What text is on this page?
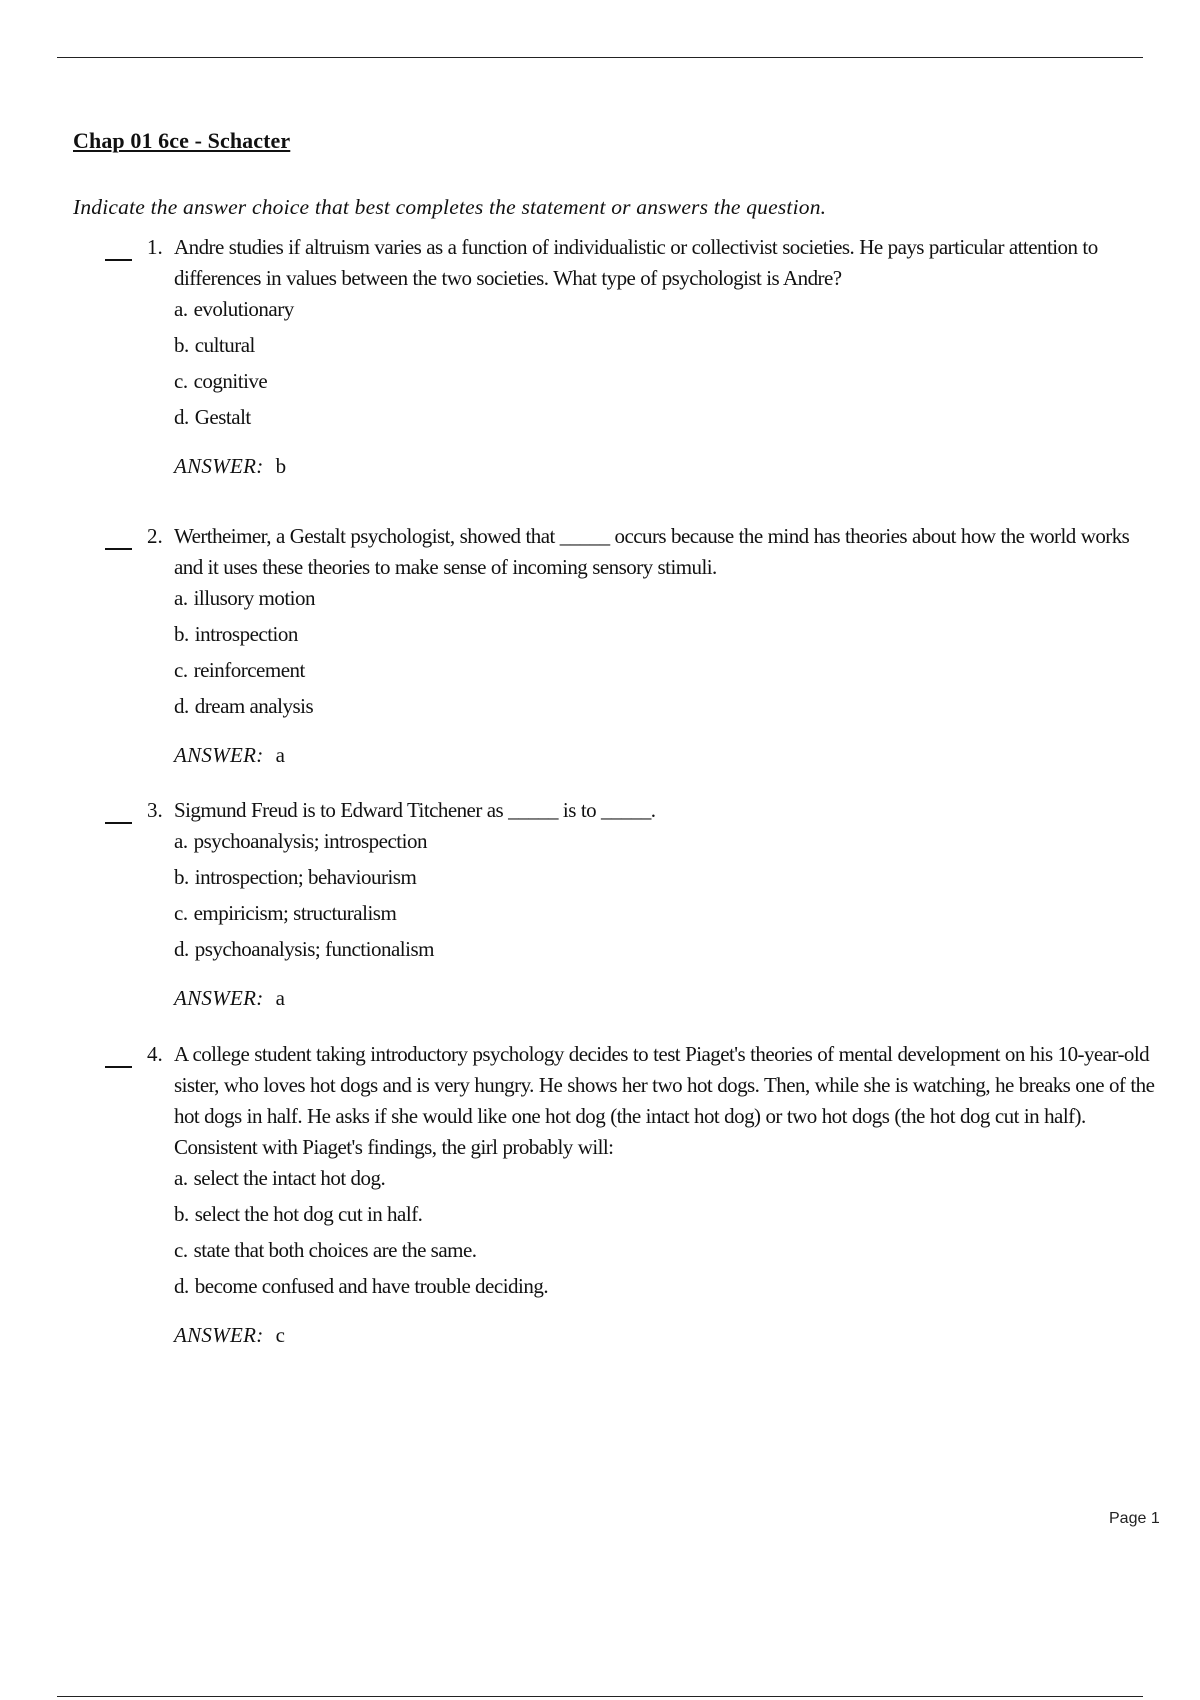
Chap 01 6ce - Schacter
Indicate the answer choice that best completes the statement or answers the question.
1. Andre studies if altruism varies as a function of individualistic or collectivist societies. He pays particular attention to differences in values between the two societies. What type of psychologist is Andre?
a. evolutionary
b. cultural
c. cognitive
d. Gestalt
ANSWER: b
2. Wertheimer, a Gestalt psychologist, showed that _____ occurs because the mind has theories about how the world works and it uses these theories to make sense of incoming sensory stimuli.
a. illusory motion
b. introspection
c. reinforcement
d. dream analysis
ANSWER: a
3. Sigmund Freud is to Edward Titchener as _____ is to _____.
a. psychoanalysis; introspection
b. introspection; behaviourism
c. empiricism; structuralism
d. psychoanalysis; functionalism
ANSWER: a
4. A college student taking introductory psychology decides to test Piaget's theories of mental development on his 10-year-old sister, who loves hot dogs and is very hungry. He shows her two hot dogs. Then, while she is watching, he breaks one of the hot dogs in half. He asks if she would like one hot dog (the intact hot dog) or two hot dogs (the hot dog cut in half). Consistent with Piaget's findings, the girl probably will:
a. select the intact hot dog.
b. select the hot dog cut in half.
c. state that both choices are the same.
d. become confused and have trouble deciding.
ANSWER: c
Page 1
